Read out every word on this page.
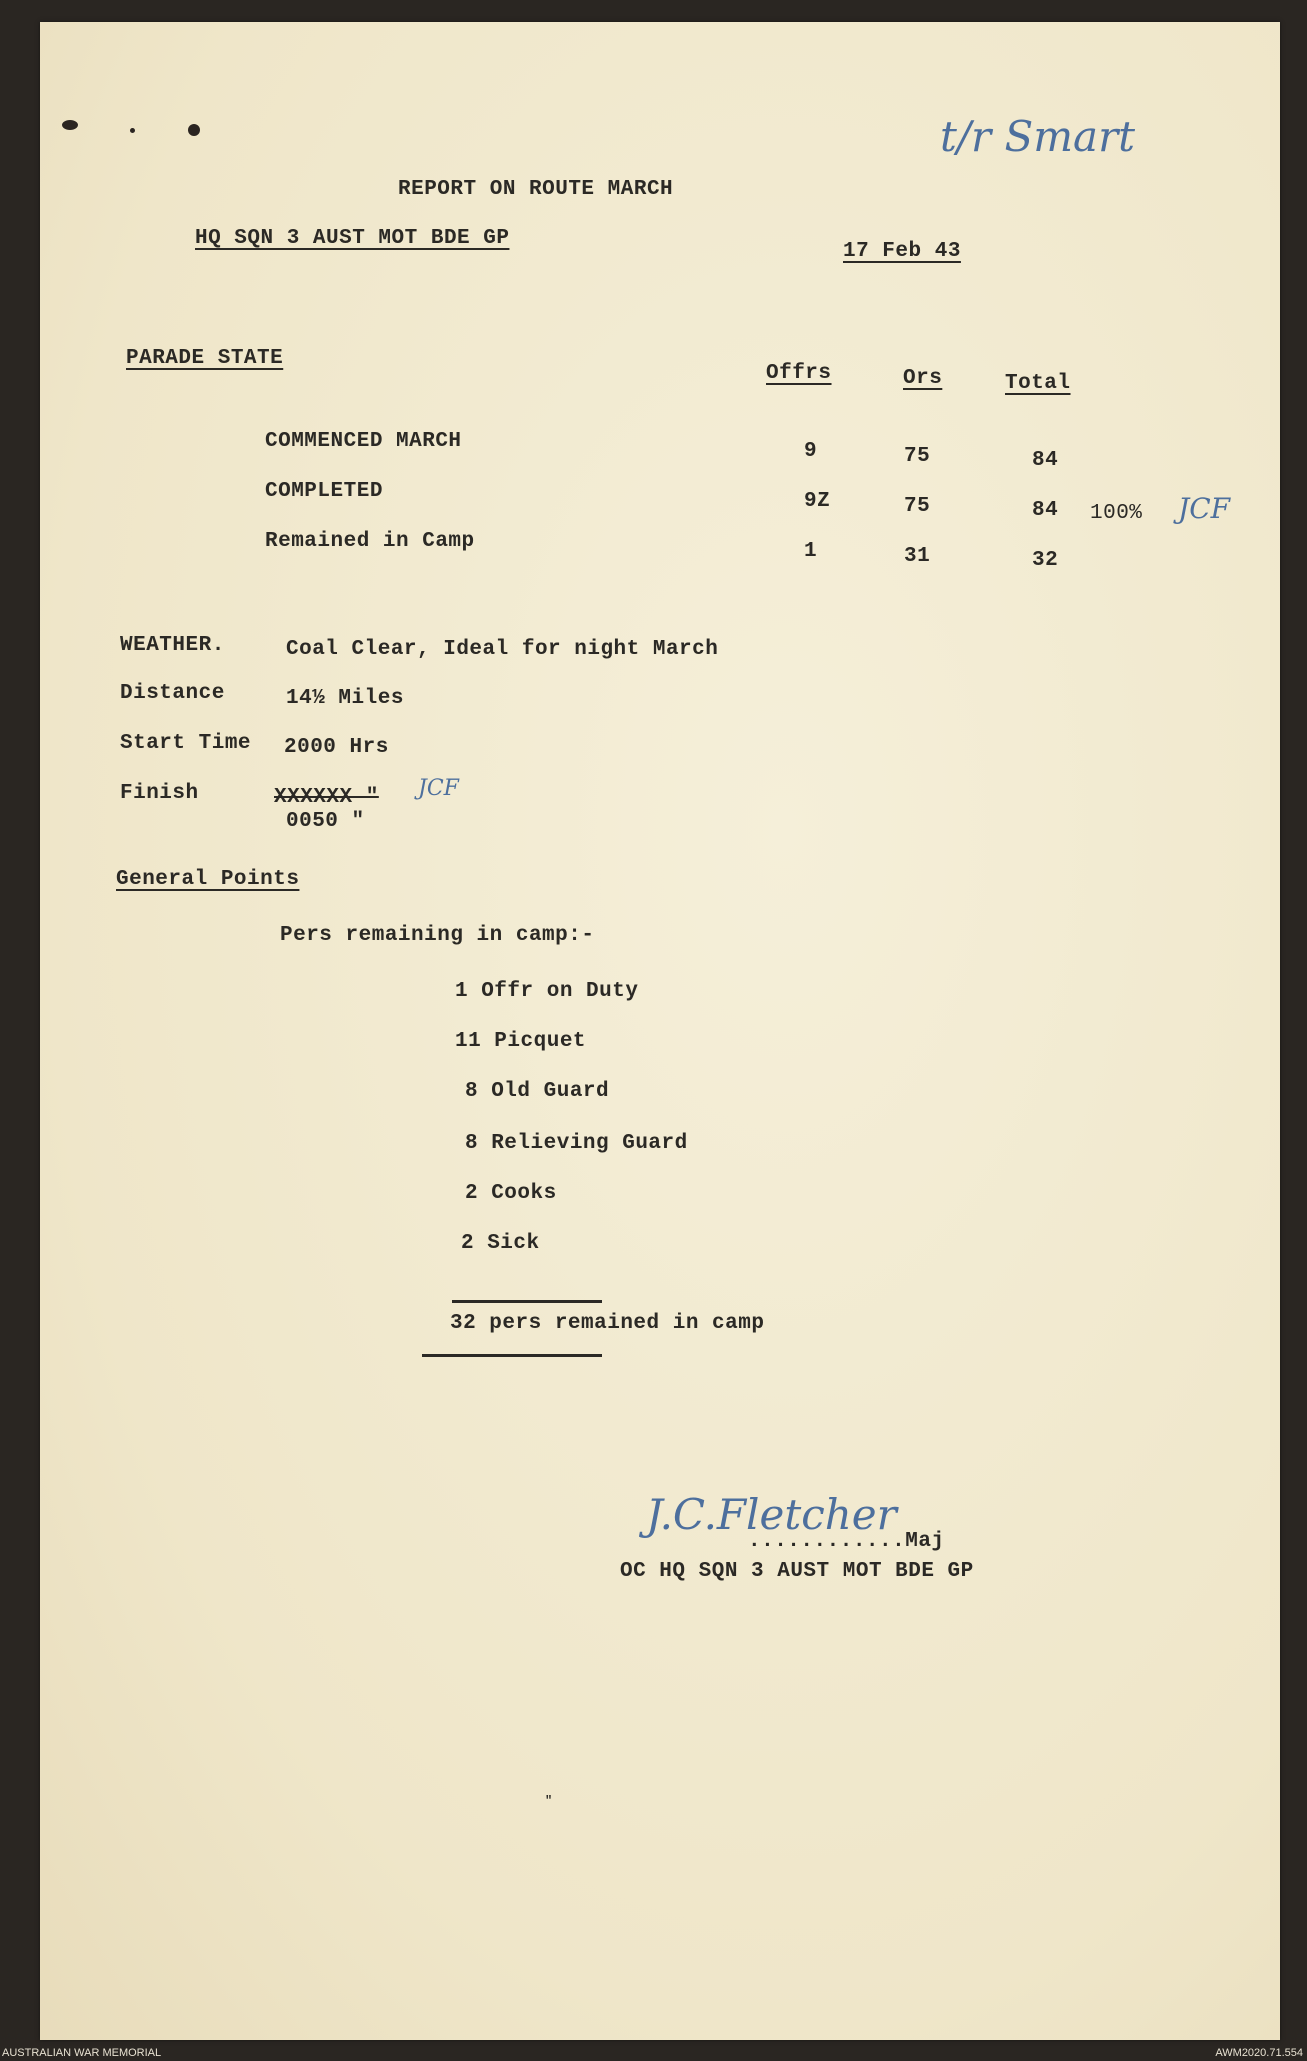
t/r Smart
REPORT ON ROUTE MARCH
HQ SQN 3 AUST MOT BDE GP
17 Feb 43
PARADE STATE
Offrs	Ors	Total
COMMENCED MARCH	9	75	84
COMPLETED	9Z	75	84 100% JCF
Remained in Camp	1	31	32
WEATHER.	Coal Clear, Ideal for night March
Distance	14½ Miles
Start Time 2000 Hrs
Finish	XXXXXX " JCF
0050 "
General Points
Pers remaining in camp:-
1 Offr on Duty
11 Picquet
8 Old Guard
8 Relieving Guard
2 Cooks
2 Sick
32 pers remained in camp
J.C.Fletcher
............Maj
OC HQ SQN 3 AUST MOT BDE GP
"
AUSTRALIAN WAR MEMORIAL	AWM2020.71.554
